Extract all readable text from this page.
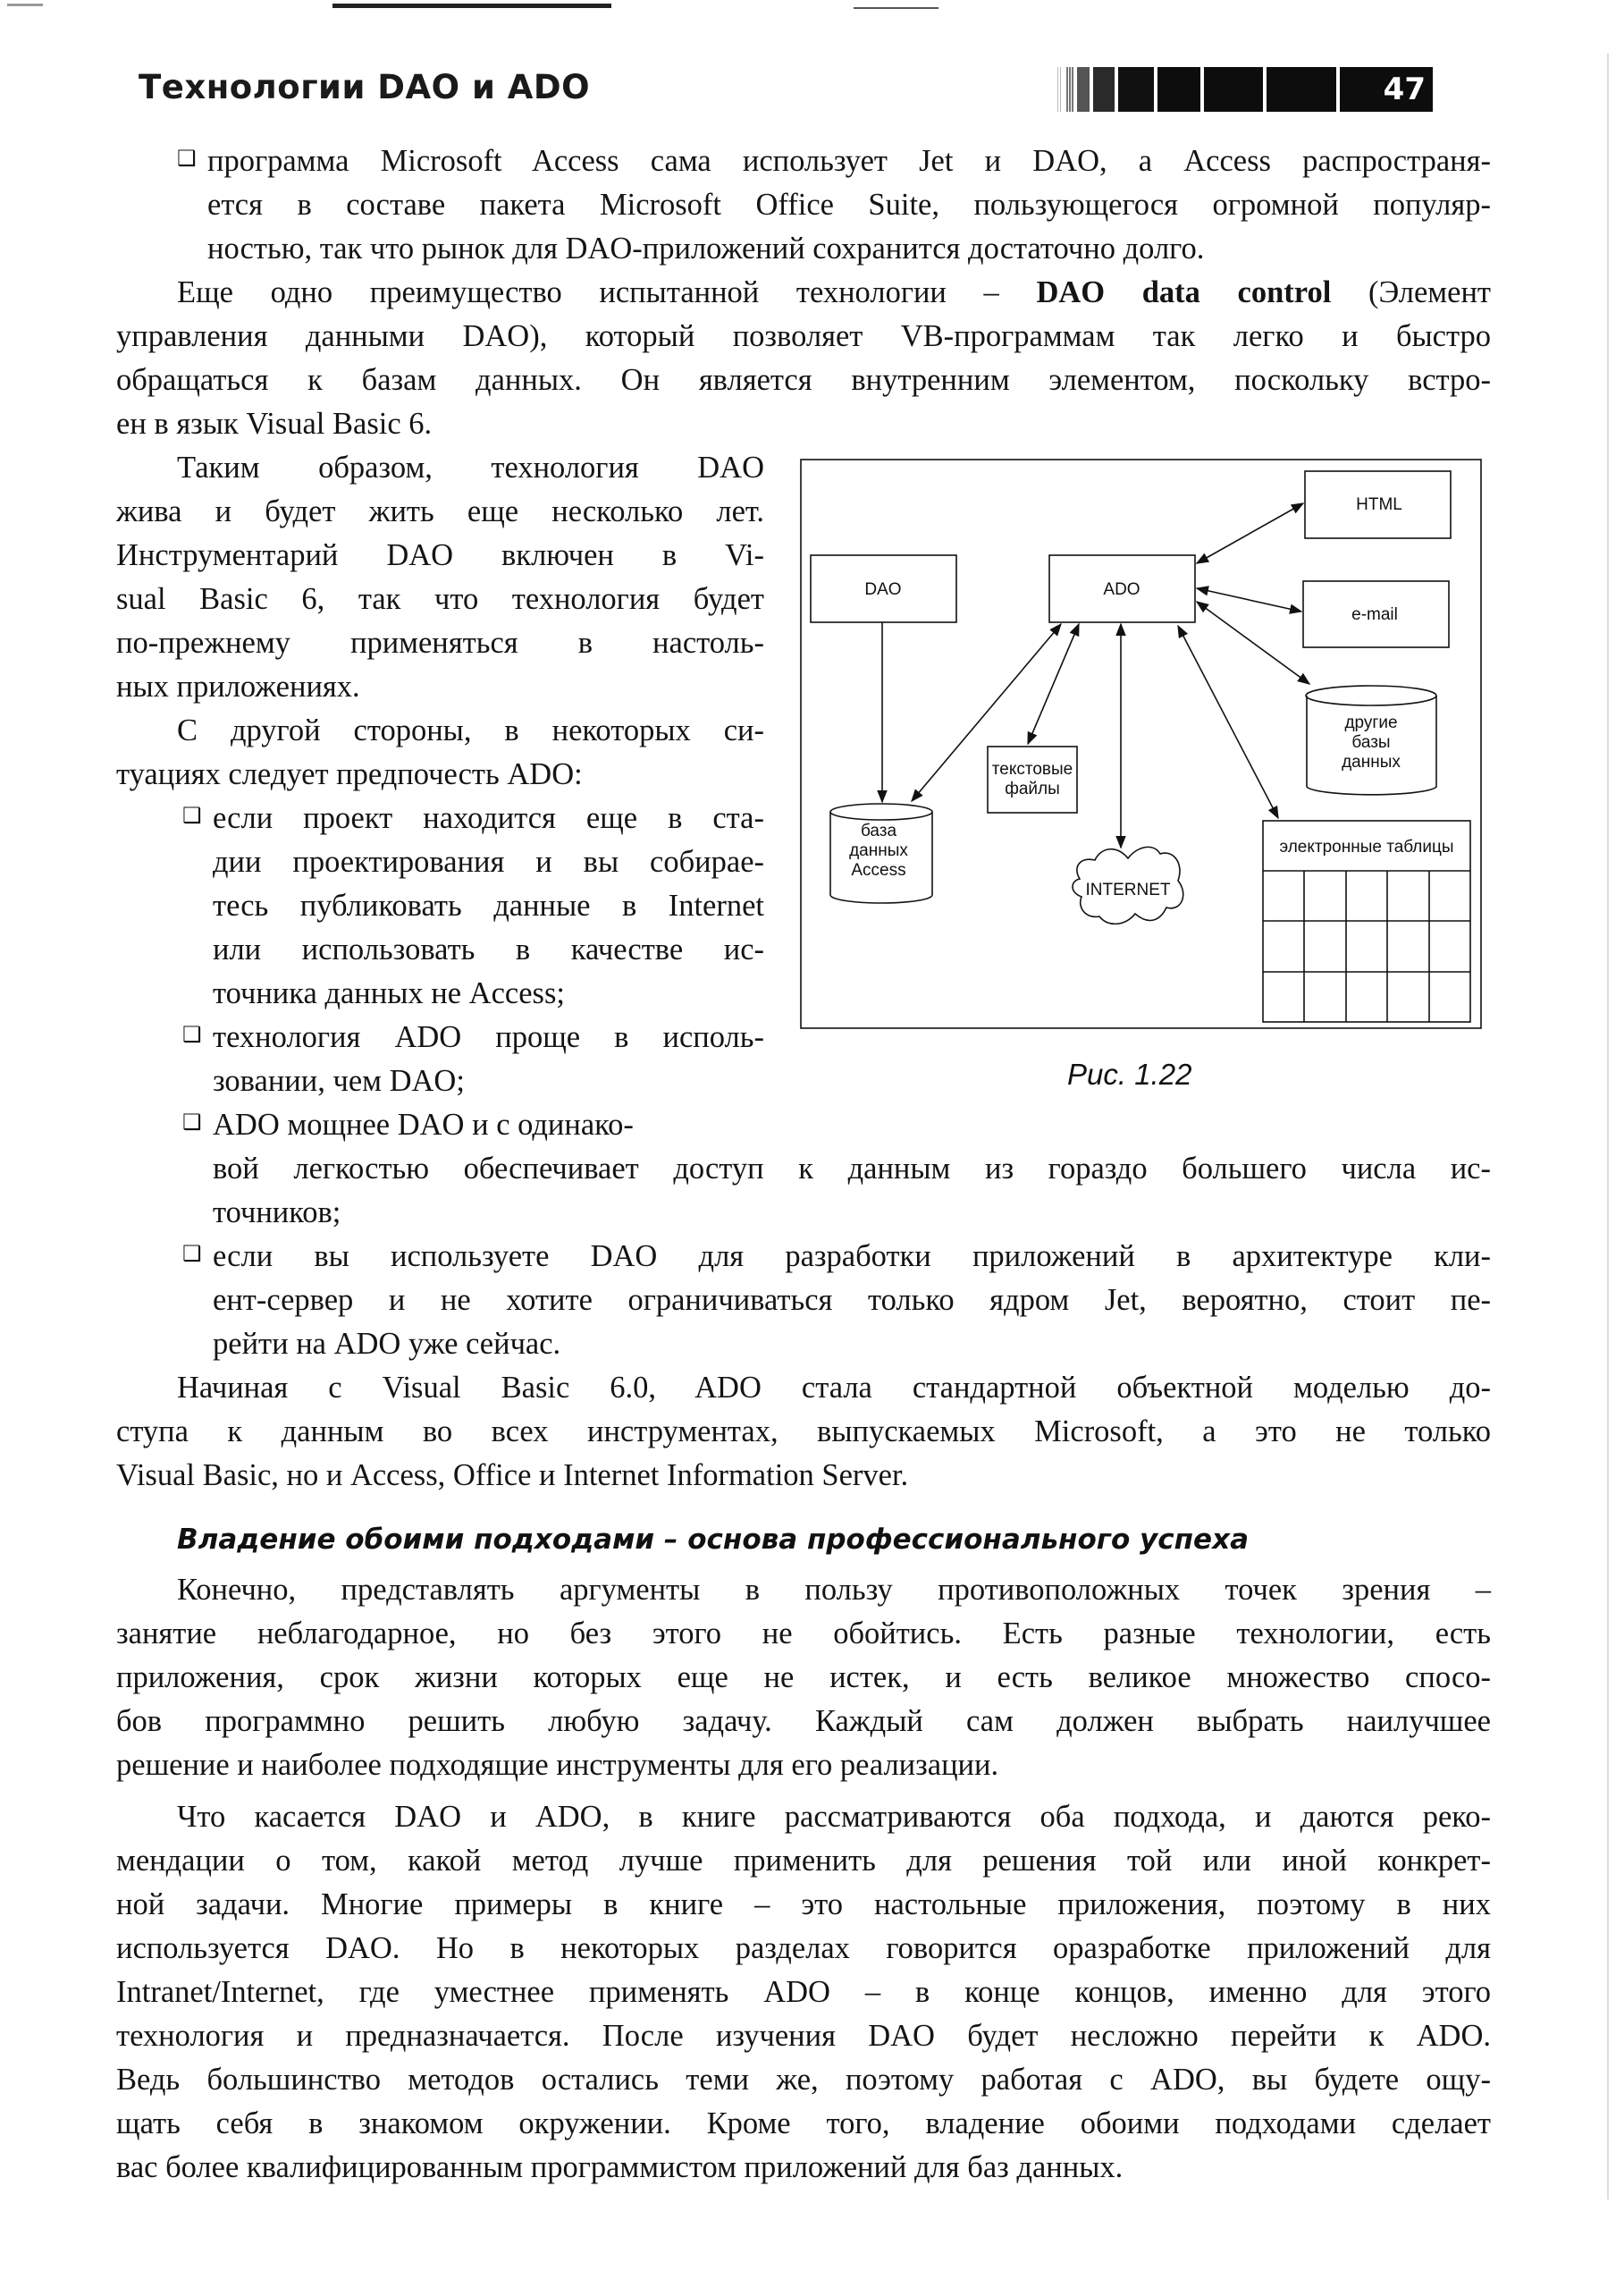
Технологии DAO и ADO	47
❑ программа Microsoft Access сама использует Jet и DAO, а Access распространя-
ется в составе пакета Microsoft Office Suite, пользующегося огромной популяр-
ностью, так что рынок для DAO-приложений сохранится достаточно долго.
Еще одно преимущество испытанной технологии – DAO data control (Элемент
управления данными DAO), который позволяет VB-программам так легко и быстро
обращаться к базам данных. Он является внутренним элементом, поскольку встро-
ен в язык Visual Basic 6.
Таким образом, технология DAO
жива и будет жить еще несколько лет.
Инструментарий DAO включен в Vi-
sual Basic 6, так что технология будет
по-прежнему применяться в настоль-
ных приложениях.
С другой стороны, в некоторых си-
туациях следует предпочесть ADO:
❑ если проект находится еще в ста-
дии проектирования и вы собирае-
тесь публиковать данные в Internet
или использовать в качестве ис-
точника данных не Access;
❑ технология ADO проще в исполь-
зовании, чем DAO;
❑ ADO мощнее DAO и с одинако-
вой легкостью обеспечивает доступ к данным из гораздо большего числа ис-
точников;
❑ если вы используете DAO для разработки приложений в архитектуре кли-
ент-сервер и не хотите ограничиваться только ядром Jet, вероятно, стоит пе-
рейти на ADO уже сейчас.
Начиная с Visual Basic 6.0, ADO стала стандартной объектной моделью до-
ступа к данным во всех инструментах, выпускаемых Microsoft, а это не только
Visual Basic, но и Access, Office и Internet Information Server.
Владение обоими подходами – основа профессионального успеха
Конечно, представлять аргументы в пользу противоположных точек зрения –
занятие неблагодарное, но без этого не обойтись. Есть разные технологии, есть
приложения, срок жизни которых еще не истек, и есть великое множество спосо-
бов программно решить любую задачу. Каждый сам должен выбрать наилучшее
решение и наиболее подходящие инструменты для его реализации.
Что касается DAO и ADO, в книге рассматриваются оба подхода, и даются реко-
мендации о том, какой метод лучше применить для решения той или иной конкрет-
ной задачи. Многие примеры в книге – это настольные приложения, поэтому в них
используется DAO. Но в некоторых разделах говорится оразработке приложений для
Intranet/Internet, где уместнее применять ADO – в конце концов, именно для этого
технология и предназначается. После изучения DAO будет несложно перейти к ADO.
Ведь большинство методов остались теми же, поэтому работая с ADO, вы будете ощу-
щать себя в знакомом окружении. Кроме того, владение обоими подходами сделает
вас более квалифицированным программистом приложений для баз данных.
DAO	ADO
HTML
e-mail
текстовые
файлы
база
данных
Access
другие
базы
данных
INTERNET
электронные таблицы
Рис. 1.22
